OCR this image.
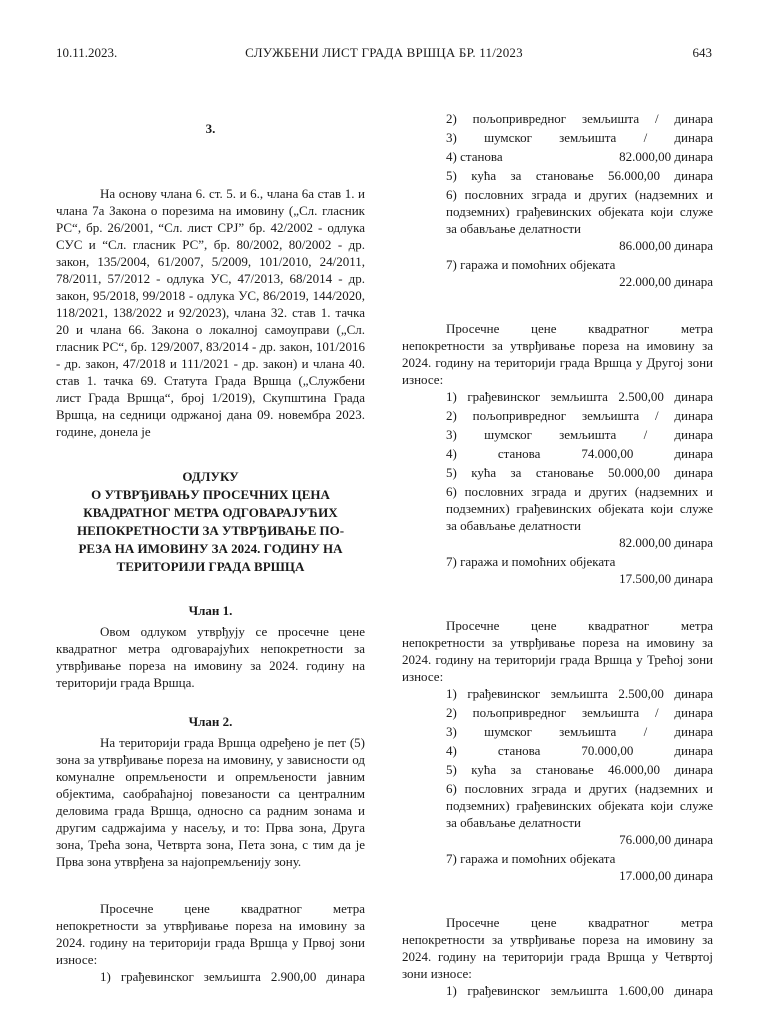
10.11.2023.	СЛУЖБЕНИ ЛИСТ ГРАДА ВРШЦА БР. 11/2023	643

3.

На основу члана 6. ст. 5. и 6., члана 6а став 1. и члана 7а Закона о порезима на имовину („Сл. гласник РС“, бр. 26/2001, “Сл. лист СРЈ” бр. 42/2002 - одлука СУС и “Сл. гласник РС”, бр. 80/2002, 80/2002 - др. закон, 135/2004, 61/2007, 5/2009, 101/2010, 24/2011, 78/2011, 57/2012 - одлука УС, 47/2013, 68/2014 - др. закон, 95/2018, 99/2018 - одлука УС, 86/2019, 144/2020, 118/2021, 138/2022 и 92/2023), члана 32. став 1. тачка 20 и члана 66. Закона о локалној самоуправи („Сл. гласник РС“, бр. 129/2007, 83/2014 - др. закон, 101/2016 - др. закон, 47/2018 и 111/2021 - др. закон) и члана 40. став 1. тачка 69. Статута Града Вршца („Службени лист Града Вршца“, број 1/2019), Скупштина Града Вршца, на седници одржаној дана 09. новембра 2023. године, донела је

ОДЛУКУ
О УТВРЂИВАЊУ ПРОСЕЧНИХ ЦЕНА
КВАДРАТНОГ МЕТРА ОДГОВАРАЈУЋИХ
НЕПОКРЕТНОСТИ ЗА УТВРЂИВАЊЕ ПО-
РЕЗА НА ИМОВИНУ ЗА 2024. ГОДИНУ НА
ТЕРИТОРИЈИ ГРАДА ВРШЦА

Члан 1.

Овом одлуком утврђују се просечне цене квадратног метра одговарајућих непокретности за утврђивање пореза на имовину за 2024. годину на територији града Вршца.

Члан 2.

На територији града Вршца одређено је пет (5) зона за утврђивање пореза на имовину, у зависности од комуналне опремљености и опремљености јавним објектима, саобраћајној повезаности са централним деловима града Вршца, односно са радним зонама и другим садржајима у насељу, и то: Прва зона, Друга зона, Трећа зона, Четврта зона, Пета зона, с тим да је Прва зона утврђена за најопремљенију зону.

Просечне цене квадратног метра непокретности за утврђивање пореза на имовину за 2024. годину на територији града Вршца у Првој зони износе:

1) грађевинског земљишта 2.900,00 динара
2) пољопривредног земљишта / динара
3) шумског земљишта / динара
4) станова	82.000,00 динара
5) кућа за становање 56.000,00 динара
6) пословних зграда и других (надземних и подземних) грађевинских објеката који служе за обављање делатности
86.000,00 динара
7) гаража и помоћних објеката
22.000,00 динара

Просечне цене квадратног метра непокретности за утврђивање пореза на имовину за 2024. годину на територији града Вршца у Другој зони износе:

1) грађевинског земљишта 2.500,00 динара
2) пољопривредног земљишта / динара
3) шумског земљишта / динара
4) станова 74.000,00 динара
5) кућа за становање 50.000,00 динара
6) пословних зграда и других (надземних и подземних) грађевинских објеката који служе за обављање делатности
82.000,00 динара
7) гаража и помоћних објеката
17.500,00 динара

Просечне цене квадратног метра непокретности за утврђивање пореза на имовину за 2024. годину на територији града Вршца у Трећој зони износе:

1) грађевинског земљишта 2.500,00 динара
2) пољопривредног земљишта / динара
3) шумског земљишта / динара
4) станова 70.000,00 динара
5) кућа за становање 46.000,00 динара
6) пословних зграда и других (надземних и подземних) грађевинских објеката који служе за обављање делатности
76.000,00 динара
7) гаража и помоћних објеката
17.000,00 динара

Просечне цене квадратног метра непокретности за утврђивање пореза на имовину за 2024. годину на територији града Вршца у Четвртој зони износе:

1) грађевинског земљишта 1.600,00 динара
